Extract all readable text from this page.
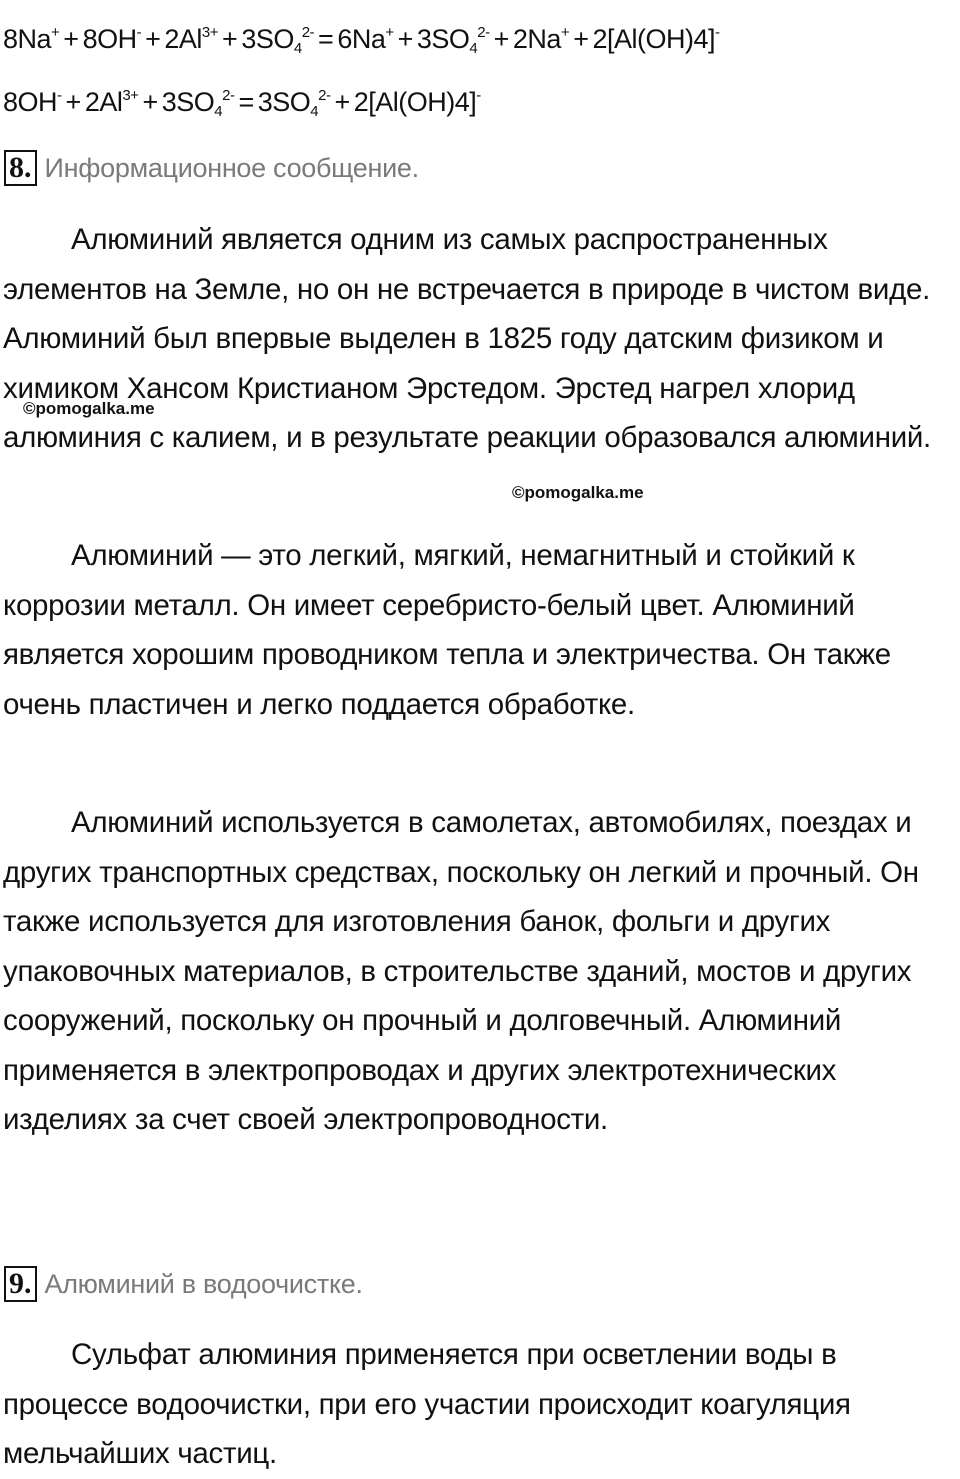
$8Na^+ + 8OH^- + 2Al^{3+} + 3SO_4^{2-} = 6Na^+ + 3SO_4^{2-} + 2Na^+ + 2[Al(OH)4]^-$

$8OH^- + 2Al^{3+} + 3SO_4^{2-} = 3SO_4^{2-} + 2[Al(OH)4]^-$

8. Информационное сообщение.

Алюминий является одним из самых распространенных элементов на Земле, но он не встречается в природе в чистом виде. Алюминий был впервые выделен в 1825 году датским физиком и химиком Хансом Кристианом Эрстедом. Эрстед нагрел хлорид алюминия с калием, и в результате реакции образовался алюминий.

Алюминий — это легкий, мягкий, немагнитный и стойкий к коррозии металл. Он имеет серебристо-белый цвет. Алюминий является хорошим проводником тепла и электричества. Он также очень пластичен и легко поддается обработке.

Алюминий используется в самолетах, автомобилях, поездах и других транспортных средствах, поскольку он легкий и прочный. Он также используется для изготовления банок, фольги и других упаковочных материалов, в строительстве зданий, мостов и других сооружений, поскольку он прочный и долговечный. Алюминий применяется в электропроводах и других электротехнических изделиях за счет своей электропроводности.

9. Алюминий в водоочистке.

Сульфат алюминия применяется при осветлении воды в процессе водоочистки, при его участии происходит коагуляция мельчайших частиц.

©pomogalka.me
©pomogalka.me
